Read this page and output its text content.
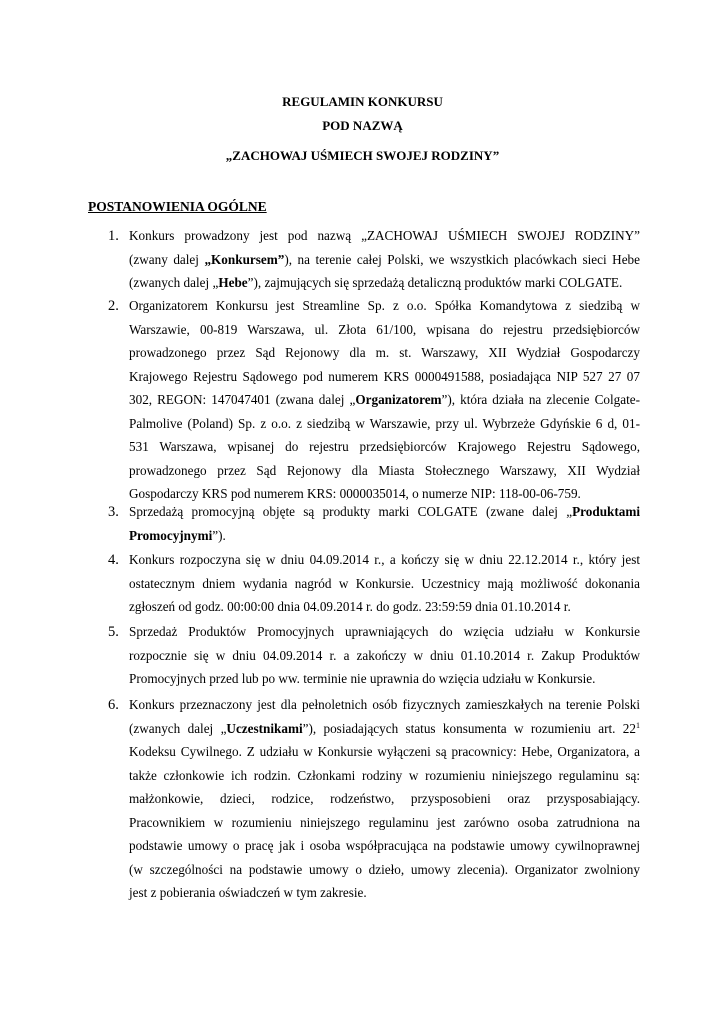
REGULAMIN KONKURSU
POD NAZWĄ
„ZACHOWAJ UŚMIECH SWOJEJ RODZINY”
POSTANOWIENIA OGÓLNE
1. Konkurs prowadzony jest pod nazwą „ZACHOWAJ UŚMIECH SWOJEJ RODZINY”
(zwany dalej „Konkursem”), na terenie całej Polski, we wszystkich placówkach sieci Hebe
(zwanych dalej „Hebe”), zajmujących się sprzedażą detaliczną produktów marki COLGATE.
2. Organizatorem Konkursu jest Streamline Sp. z o.o. Spółka Komandytowa z siedzibą w
Warszawie, 00-819 Warszawa, ul. Złota 61/100, wpisana do rejestru przedsiębiorców
prowadzonego przez Sąd Rejonowy dla m. st. Warszawy, XII Wydział Gospodarczy
Krajowego Rejestru Sądowego pod numerem KRS 0000491588, posiadająca NIP 527 27 07
302, REGON: 147047401 (zwana dalej „Organizatorem”), która działa na zlecenie Colgate-
Palmolive (Poland) Sp. z o.o. z siedzibą w Warszawie, przy ul. Wybrzeże Gdyńskie 6 d, 01-
531 Warszawa, wpisanej do rejestru przedsiębiorców Krajowego Rejestru Sądowego,
prowadzonego przez Sąd Rejonowy dla Miasta Stołecznego Warszawy, XII Wydział
Gospodarczy KRS pod numerem KRS: 0000035014, o numerze NIP: 118-00-06-759.
3. Sprzedażą promocyjną objęte są produkty marki COLGATE (zwane dalej „Produktami
Promocyjnymi”).
4. Konkurs rozpoczyna się w dniu 04.09.2014 r., a kończy się w dniu 22.12.2014 r., który jest
ostatecznym dniem wydania nagród w Konkursie. Uczestnicy mają możliwość dokonania
zgłoszeń od godz. 00:00:00 dnia 04.09.2014 r. do godz. 23:59:59 dnia 01.10.2014 r.
5. Sprzedaż Produktów Promocyjnych uprawniających do wzięcia udziału w Konkursie
rozpocznie się w dniu 04.09.2014 r. a zakończy w dniu 01.10.2014 r. Zakup Produktów
Promocyjnych przed lub po ww. terminie nie uprawnia do wzięcia udziału w Konkursie.
6. Konkurs przeznaczony jest dla pełnoletnich osób fizycznych zamieszkałych na terenie Polski
(zwanych dalej „Uczestnikami”), posiadających status konsumenta w rozumieniu art. $22^1$
Kodeksu Cywilnego. Z udziału w Konkursie wyłączeni są pracownicy: Hebe, Organizatora, a
także członkowie ich rodzin. Członkami rodziny w rozumieniu niniejszego regulaminu są:
małżonkowie, dzieci, rodzice, rodzeństwo, przysposobieni oraz przysposabiający.
Pracownikiem w rozumieniu niniejszego regulaminu jest zarówno osoba zatrudniona na
podstawie umowy o pracę jak i osoba współpracująca na podstawie umowy cywilnoprawnej
(w szczególności na podstawie umowy o dzieło, umowy zlecenia). Organizator zwolniony
jest z pobierania oświadczeń w tym zakresie.
